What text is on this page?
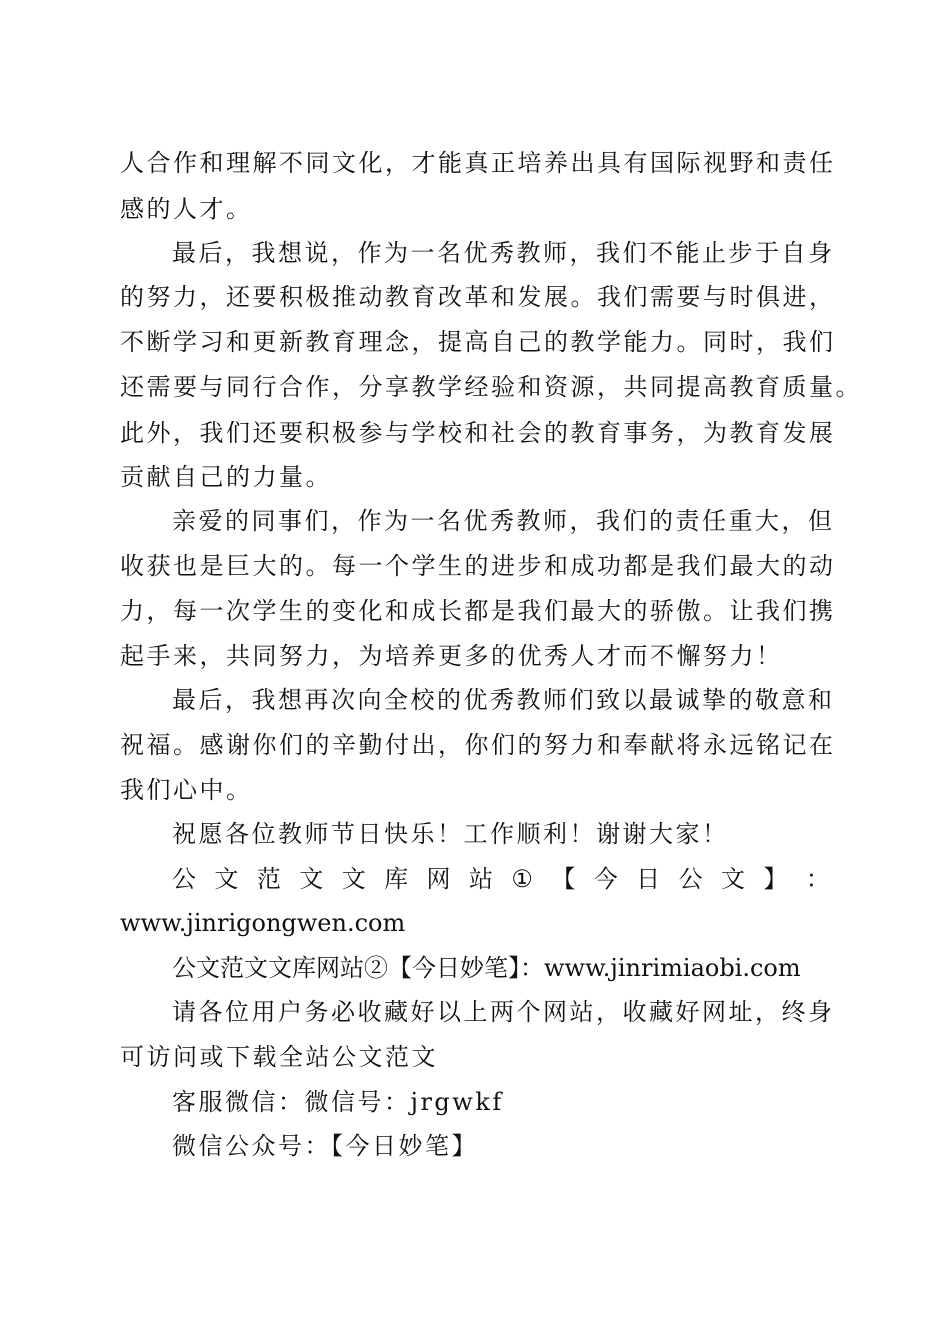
人合作和理解不同文化，才能真正培养出具有国际视野和责任
感的人才。
最后，我想说，作为一名优秀教师，我们不能止步于自身
的努力，还要积极推动教育改革和发展。我们需要与时俱进，
不断学习和更新教育理念，提高自己的教学能力。同时，我们
还需要与同行合作，分享教学经验和资源，共同提高教育质量。
此外，我们还要积极参与学校和社会的教育事务，为教育发展
贡献自己的力量。
亲爱的同事们，作为一名优秀教师，我们的责任重大，但
收获也是巨大的。每一个学生的进步和成功都是我们最大的动
力，每一次学生的变化和成长都是我们最大的骄傲。让我们携
起手来，共同努力，为培养更多的优秀人才而不懈努力！
最后，我想再次向全校的优秀教师们致以最诚挚的敬意和
祝福。感谢你们的辛勤付出，你们的努力和奉献将永远铭记在
我们心中。
祝愿各位教师节日快乐！工作顺利！谢谢大家！
公 文 范 文 文 库 网 站 ① 【 今 日 公 文 】 ：
www.jinrigongwen.com
公文范文文库网站②【今日妙笔】：www.jinrimiaobi.com
请各位用户务必收藏好以上两个网站，收藏好网址，终身
可访问或下载全站公文范文
客服微信：微信号：jrgwkf
微信公众号：【今日妙笔】
